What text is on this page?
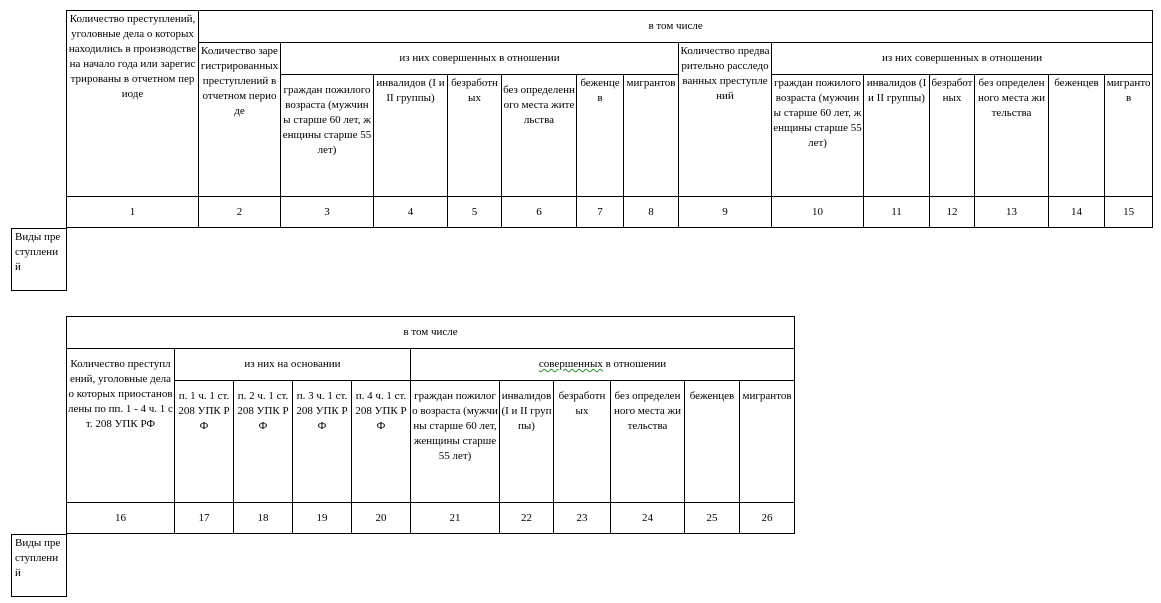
Количество преступлений, уголовные дела о которых находились в производстве на начало года или зарегистрированы в отчетном периоде	в том числе													
	Количество зарегистрированных преступлений в отчетном периоде	из них совершенных в отношении						Количество предварительно расследованных преступлений	из них совершенных в отношении					
		граждан пожилого возраста (мужчины старше 60 лет, женщины старше 55 лет)	инвалидов (I и II группы)	безработных	без определенного места жительства	беженцев	мигрантов		граждан пожилого возраста (мужчины старше 60 лет, женщины старше 55 лет)	инвалидов (I и II группы)	безработных	без определенного места жительства	беженцев	мигрантов
1	2	3	4	5	6	7	8	9	10	11	12	13	14	15
Виды преступлений
в том числе										
Количество преступлений, уголовные дела о которых приостановлены по пп. 1 - 4 ч. 1 ст. 208 УПК РФ	из них на основании				совершенных в отношении					
	п. 1 ч. 1 ст. 208 УПК РФ	п. 2 ч. 1 ст. 208 УПК РФ	п. 3 ч. 1 ст. 208 УПК РФ	п. 4 ч. 1 ст. 208 УПК РФ	граждан пожилого возраста (мужчины старше 60 лет, женщины старше 55 лет)	инвалидов (I и II группы)	безработных	без определенного места жительства	беженцев	мигрантов
16	17	18	19	20	21	22	23	24	25	26
Виды преступлений
